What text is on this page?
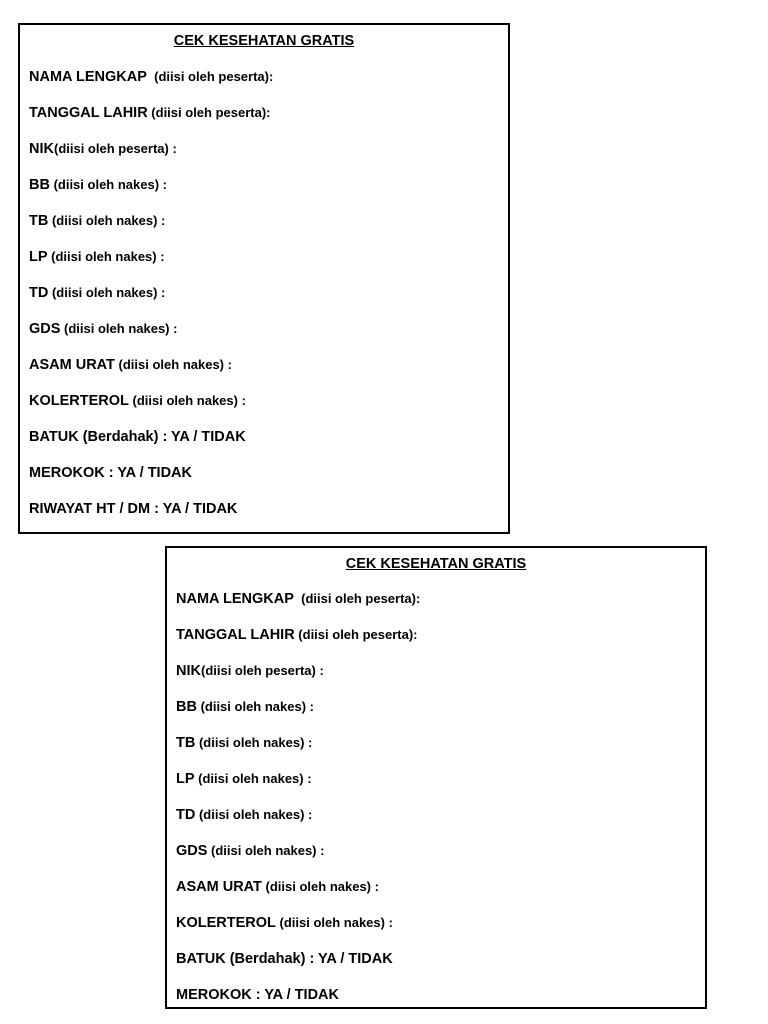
CEK KESEHATAN GRATIS
NAMA LENGKAP  (diisi oleh peserta):
TANGGAL LAHIR (diisi oleh peserta):
NIK(diisi oleh peserta) :
BB (diisi oleh nakes) :
TB (diisi oleh nakes) :
LP (diisi oleh nakes) :
TD (diisi oleh nakes) :
GDS (diisi oleh nakes) :
ASAM URAT (diisi oleh nakes) :
KOLERTEROL (diisi oleh nakes) :
BATUK (Berdahak) : YA / TIDAK
MEROKOK : YA / TIDAK
RIWAYAT HT / DM : YA / TIDAK
CEK KESEHATAN GRATIS
NAMA LENGKAP  (diisi oleh peserta):
TANGGAL LAHIR (diisi oleh peserta):
NIK(diisi oleh peserta) :
BB (diisi oleh nakes) :
TB (diisi oleh nakes) :
LP (diisi oleh nakes) :
TD (diisi oleh nakes) :
GDS (diisi oleh nakes) :
ASAM URAT (diisi oleh nakes) :
KOLERTEROL (diisi oleh nakes) :
BATUK (Berdahak) : YA / TIDAK
MEROKOK : YA / TIDAK
